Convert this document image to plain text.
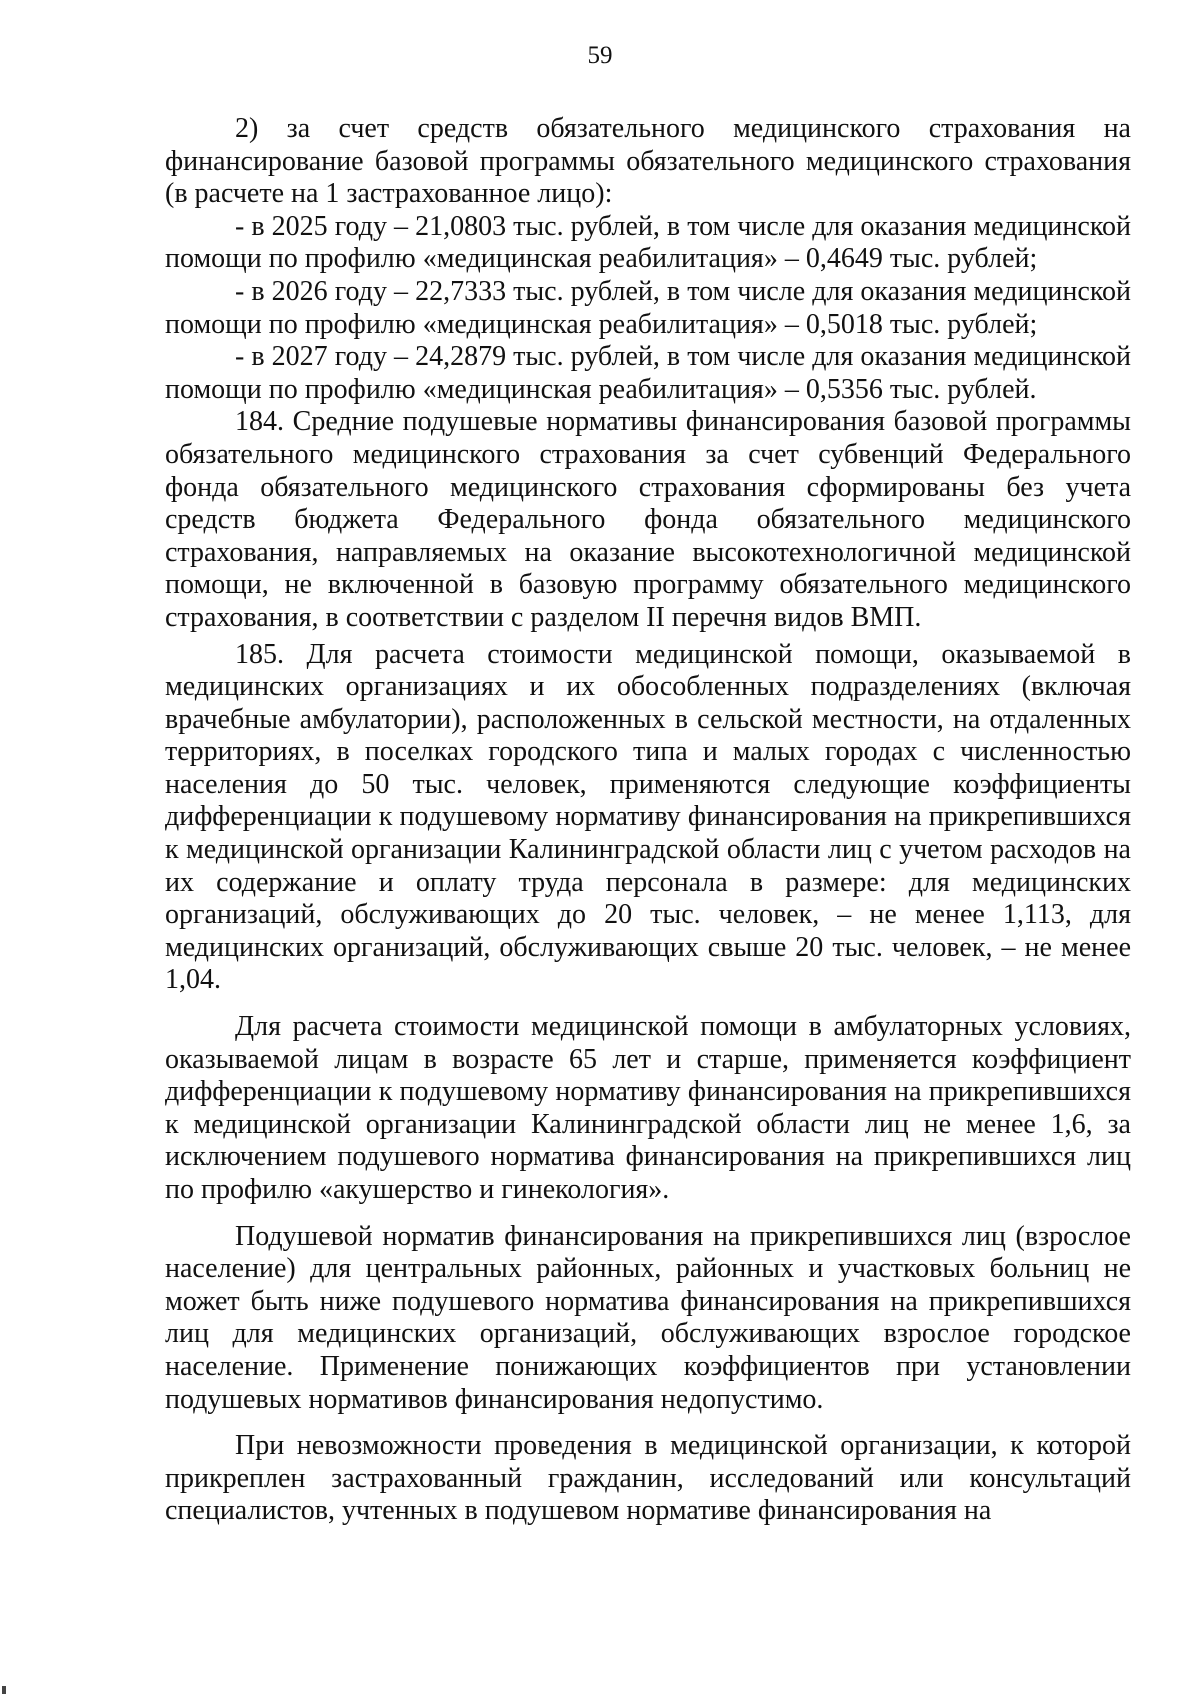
59

2) за счет средств обязательного медицинского страхования на финансирование базовой программы обязательного медицинского страхования (в расчете на 1 застрахованное лицо):

- в 2025 году – 21,0803 тыс. рублей, в том числе для оказания медицинской помощи по профилю «медицинская реабилитация» – 0,4649 тыс. рублей;

- в 2026 году – 22,7333 тыс. рублей, в том числе для оказания медицинской помощи по профилю «медицинская реабилитация» – 0,5018 тыс. рублей;

- в 2027 году – 24,2879 тыс. рублей, в том числе для оказания медицинской помощи по профилю «медицинская реабилитация» – 0,5356 тыс. рублей.

184. Средние подушевые нормативы финансирования базовой программы обязательного медицинского страхования за счет субвенций Федерального фонда обязательного медицинского страхования сформированы без учета средств бюджета Федерального фонда обязательного медицинского страхования, направляемых на оказание высокотехнологичной медицинской помощи, не включенной в базовую программу обязательного медицинского страхования, в соответствии с разделом II перечня видов ВМП.

185. Для расчета стоимости медицинской помощи, оказываемой в медицинских организациях и их обособленных подразделениях (включая врачебные амбулатории), расположенных в сельской местности, на отдаленных территориях, в поселках городского типа и малых городах с численностью населения до 50 тыс. человек, применяются следующие коэффициенты дифференциации к подушевому нормативу финансирования на прикрепившихся к медицинской организации Калининградской области лиц с учетом расходов на их содержание и оплату труда персонала в размере: для медицинских организаций, обслуживающих до 20 тыс. человек, – не менее 1,113, для медицинских организаций, обслуживающих свыше 20 тыс. человек, – не менее 1,04.

Для расчета стоимости медицинской помощи в амбулаторных условиях, оказываемой лицам в возрасте 65 лет и старше, применяется коэффициент дифференциации к подушевому нормативу финансирования на прикрепившихся к медицинской организации Калининградской области лиц не менее 1,6, за исключением подушевого норматива финансирования на прикрепившихся лиц по профилю «акушерство и гинекология».

Подушевой норматив финансирования на прикрепившихся лиц (взрослое население) для центральных районных, районных и участковых больниц не может быть ниже подушевого норматива финансирования на прикрепившихся лиц для медицинских организаций, обслуживающих взрослое городское население. Применение понижающих коэффициентов при установлении подушевых нормативов финансирования недопустимо.

При невозможности проведения в медицинской организации, к которой прикреплен застрахованный гражданин, исследований или консультаций специалистов, учтенных в подушевом нормативе финансирования на
